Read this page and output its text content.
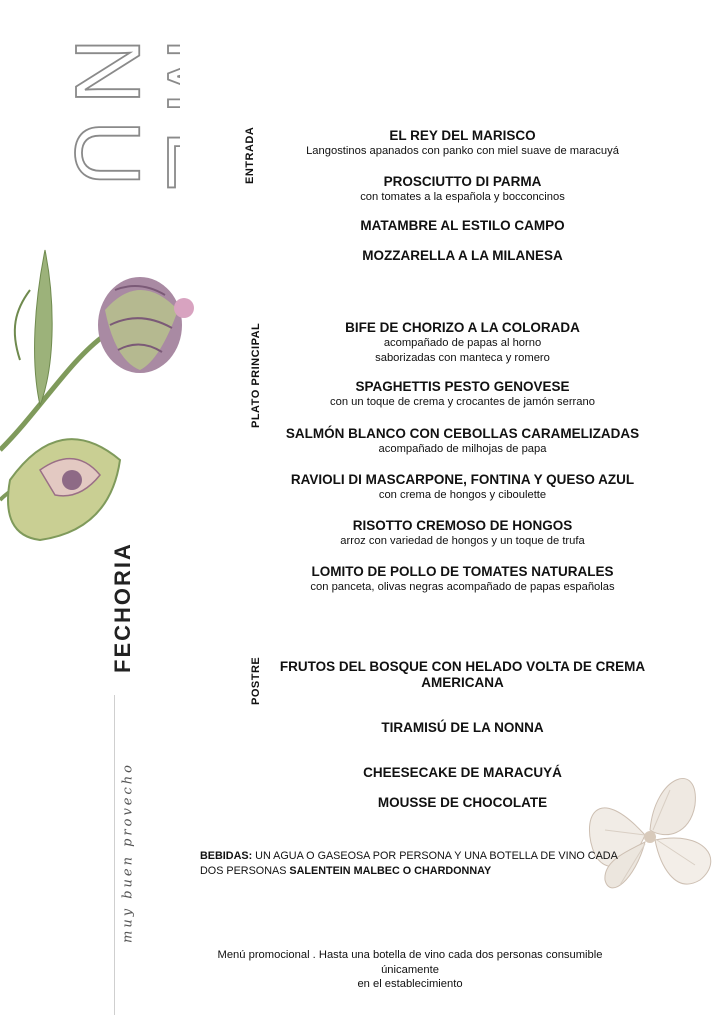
N
U
FECHORIA
muy buen provecho
ENTRADA
PLATO PRINCIPAL
POSTRE
EL REY DEL MARISCO
Langostinos apanados con panko con miel suave de maracuyá
PROSCIUTTO DI PARMA
con tomates a la española y bocconcinos
MATAMBRE AL ESTILO CAMPO
MOZZARELLA A LA MILANESA
BIFE DE CHORIZO A LA COLORADA
acompañado de papas al horno
saborizadas con manteca y romero
SPAGHETTIS PESTO GENOVESE
con un toque de crema y crocantes de jamón serrano
SALMÓN BLANCO CON CEBOLLAS CARAMELIZADAS
acompañado de milhojas de papa
RAVIOLI DI MASCARPONE, FONTINA Y QUESO AZUL
con crema de hongos y ciboulette
RISOTTO CREMOSO DE HONGOS
arroz con variedad de hongos y un toque de trufa
LOMITO DE POLLO DE TOMATES NATURALES
con panceta, olivas negras acompañado de papas españolas
FRUTOS DEL BOSQUE CON HELADO VOLTA DE CREMA
AMERICANA
TIRAMISÚ DE LA NONNA
CHEESECAKE DE MARACUYÁ
MOUSSE DE CHOCOLATE
BEBIDAS: UN AGUA O GASEOSA POR PERSONA Y UNA BOTELLA DE VINO CADA DOS PERSONAS SALENTEIN MALBEC O CHARDONNAY
Menú promocional . Hasta una botella de vino cada dos personas consumible únicamente
en el establecimiento
